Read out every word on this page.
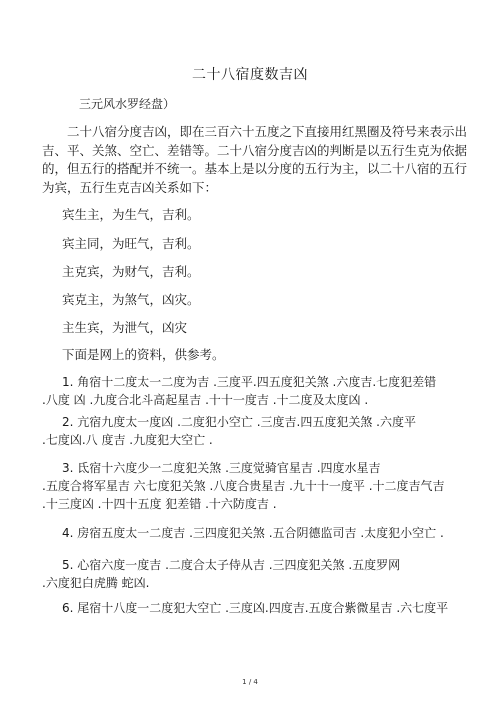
二十八宿度数吉凶
三元风水罗经盘）
　　二十八宿分度吉凶，即在三百六十五度之下直接用红黑圈及符号来表示出
吉、平、关煞、空亡、差错等。二十八宿分度吉凶的判断是以五行生克为依据
的，但五行的搭配并不统一。基本上是以分度的五行为主，以二十八宿的五行
为宾，五行生克吉凶关系如下：
宾生主，为生气，吉利。
宾主同，为旺气，吉利。
主克宾，为财气，吉利。
宾克主，为煞气，凶灾。
主生宾，为泄气，凶灾
下面是网上的资料，供参考。
1. 角宿十二度太一二度为吉 .三度平.四五度犯关煞 .六度吉.七度犯差错
.八度 凶 .九度合北斗高起星吉 .十十一度吉 .十二度及太度凶 .
2. 亢宿九度太一度凶 .二度犯小空亡 .三度吉.四五度犯关煞 .六度平
.七度凶.八 度吉 .九度犯大空亡 .
3. 氐宿十六度少一二度犯关煞 .三度觉骑官星吉 .四度水星吉
.五度合将军星吉 六七度犯关煞 .八度合贵星吉 .九十十一度平 .十二度吉气吉
.十三度凶 .十四十五度 犯差错 .十六防度吉 .
4. 房宿五度太一二度吉 .三四度犯关煞 .五合阴德监司吉 .太度犯小空亡 .
5. 心宿六度一度吉 .二度合太子侍从吉 .三四度犯关煞 .五度罗网
.六度犯白虎腾 蛇凶.
6. 尾宿十八度一二度犯大空亡 .三度凶.四度吉.五度合紫微星吉 .六七度平
1 / 4
